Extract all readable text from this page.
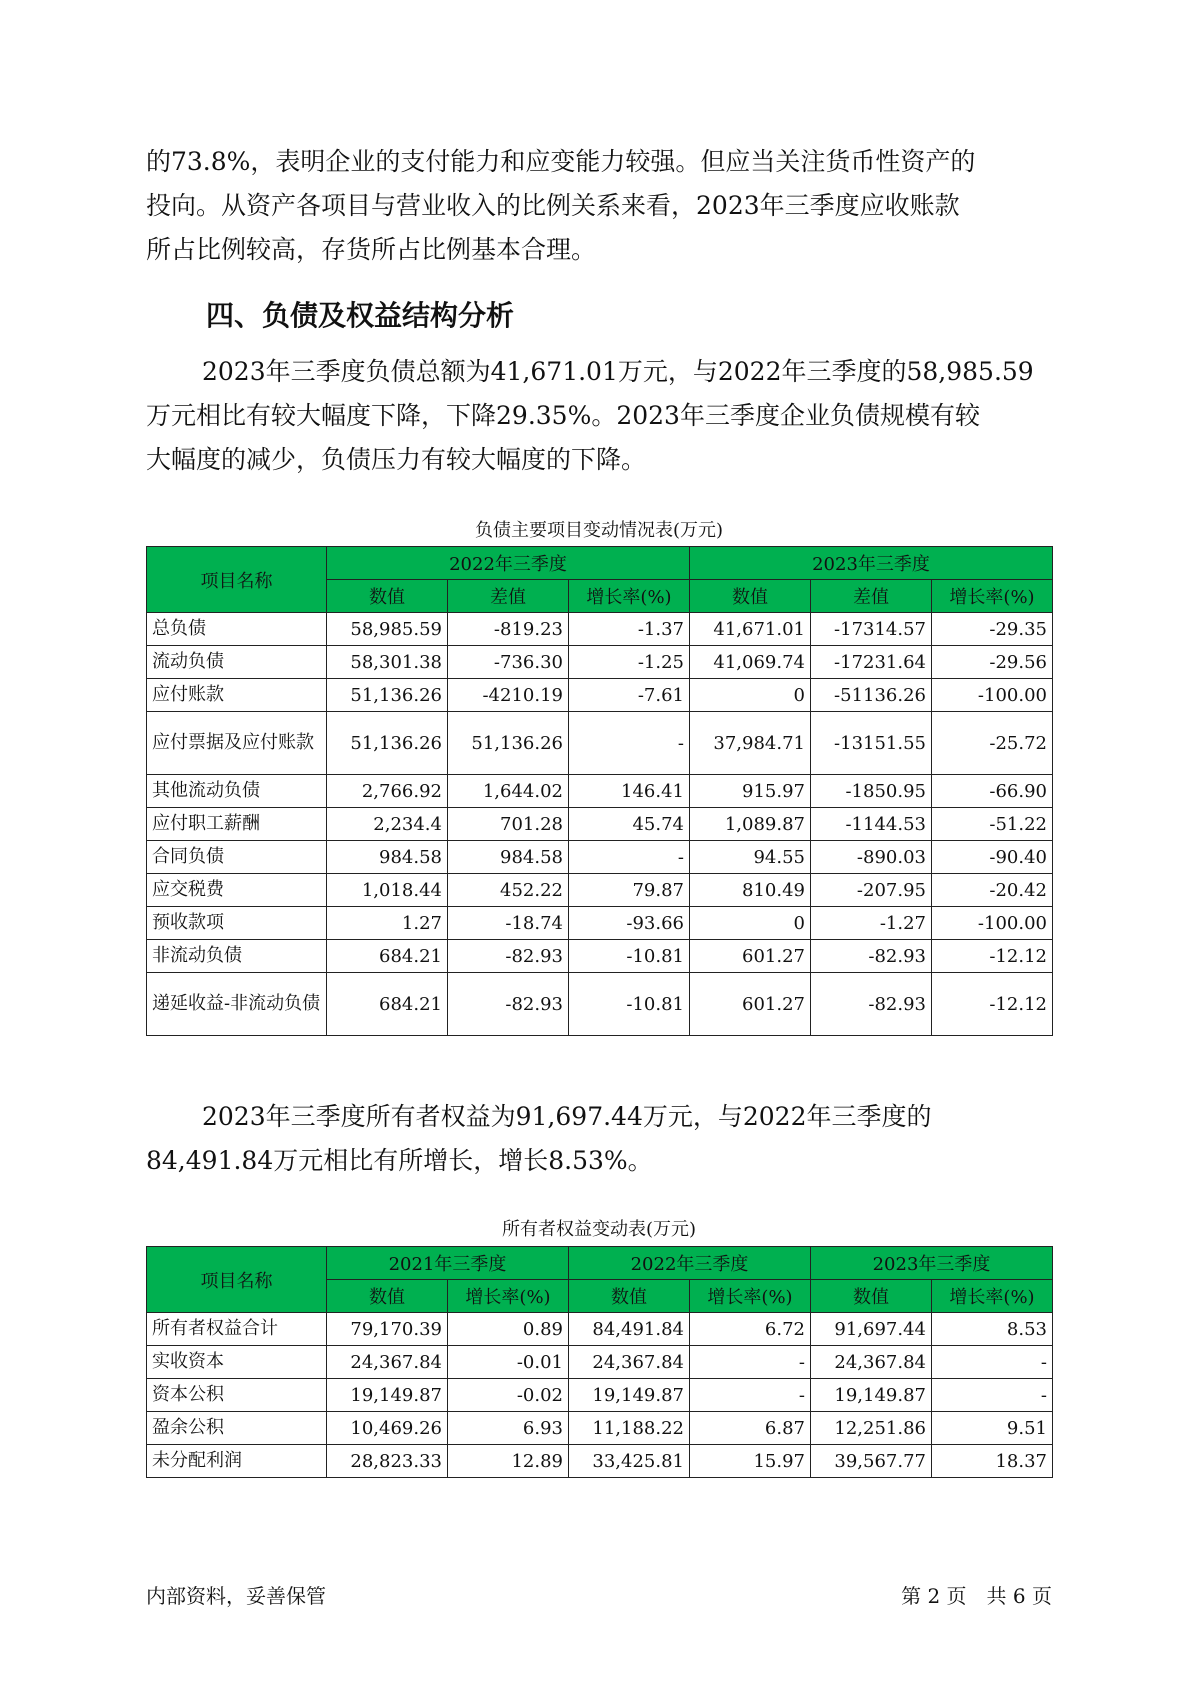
的73.8%，表明企业的支付能力和应变能力较强。但应当关注货币性资产的
投向。从资产各项目与营业收入的比例关系来看，2023年三季度应收账款
所占比例较高，存货所占比例基本合理。
四、负债及权益结构分析
2023年三季度负债总额为41,671.01万元，与2022年三季度的58,985.59
万元相比有较大幅度下降，下降29.35%。2023年三季度企业负债规模有较
大幅度的减少，负债压力有较大幅度的下降。
负债主要项目变动情况表(万元)
项目名称	2022年三季度			2023年三季度		
	数值	差值	增长率(%)	数值	差值	增长率(%)
总负债	58,985.59	-819.23	-1.37	41,671.01	-17314.57	-29.35
流动负债	58,301.38	-736.30	-1.25	41,069.74	-17231.64	-29.56
应付账款	51,136.26	-4210.19	-7.61	0	-51136.26	-100.00
应付票据及应付账款	51,136.26	51,136.26	-	37,984.71	-13151.55	-25.72
其他流动负债	2,766.92	1,644.02	146.41	915.97	-1850.95	-66.90
应付职工薪酬	2,234.4	701.28	45.74	1,089.87	-1144.53	-51.22
合同负债	984.58	984.58	-	94.55	-890.03	-90.40
应交税费	1,018.44	452.22	79.87	810.49	-207.95	-20.42
预收款项	1.27	-18.74	-93.66	0	-1.27	-100.00
非流动负债	684.21	-82.93	-10.81	601.27	-82.93	-12.12
递延收益-非流动负债	684.21	-82.93	-10.81	601.27	-82.93	-12.12
2023年三季度所有者权益为91,697.44万元，与2022年三季度的
84,491.84万元相比有所增长，增长8.53%。
所有者权益变动表(万元)
项目名称	2021年三季度		2022年三季度		2023年三季度	
	数值	增长率(%)	数值	增长率(%)	数值	增长率(%)
所有者权益合计	79,170.39	0.89	84,491.84	6.72	91,697.44	8.53
实收资本	24,367.84	-0.01	24,367.84	-	24,367.84	-
资本公积	19,149.87	-0.02	19,149.87	-	19,149.87	-
盈余公积	10,469.26	6.93	11,188.22	6.87	12,251.86	9.51
未分配利润	28,823.33	12.89	33,425.81	15.97	39,567.77	18.37
内部资料，妥善保管	第 2 页　共 6 页
